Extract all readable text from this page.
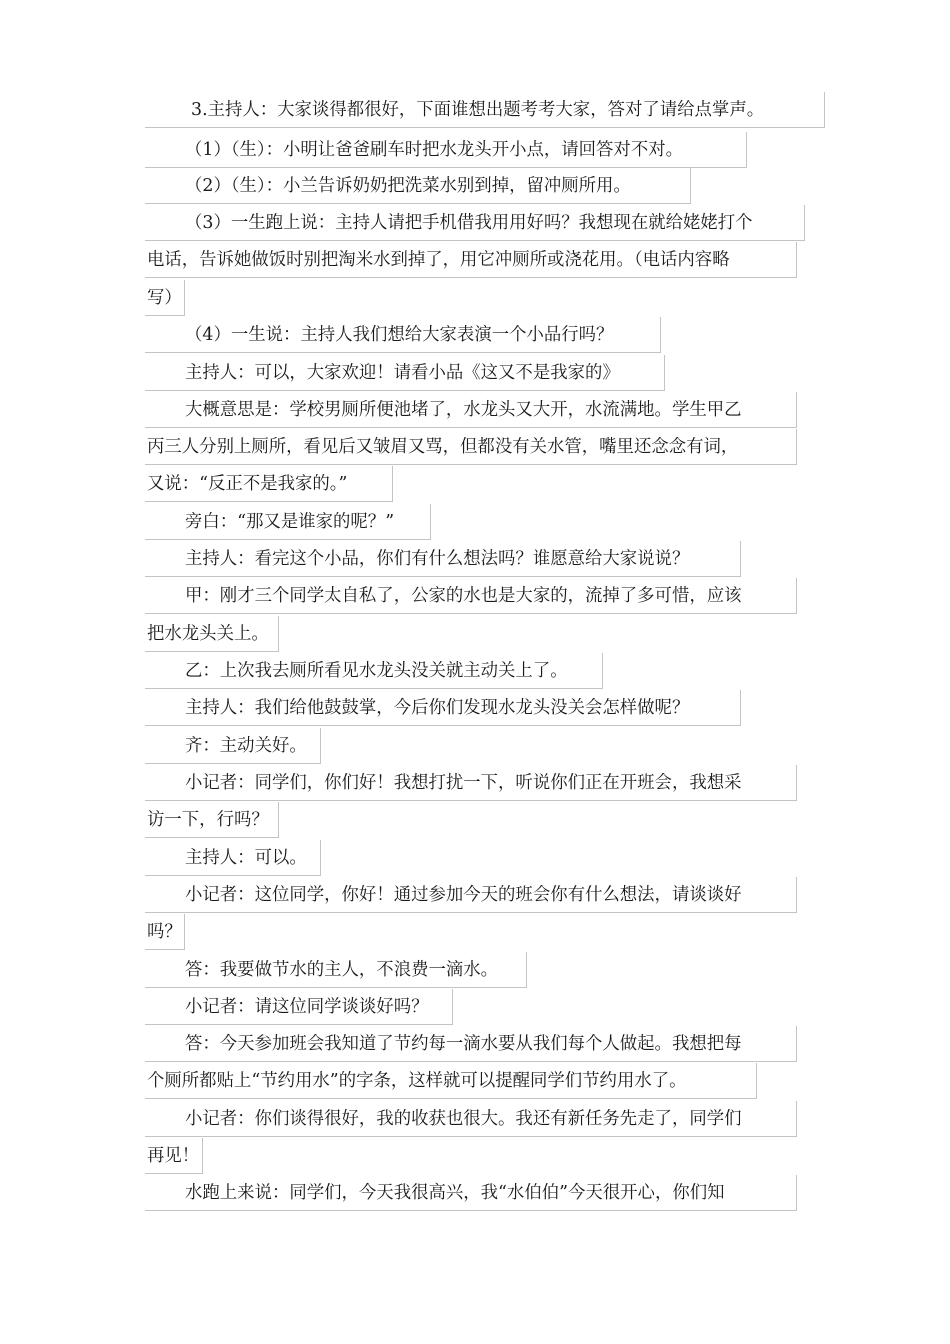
3.主持人：大家谈得都很好，下面谁想出题考考大家，答对了请给点掌声。
（1）（生）：小明让爸爸刷车时把水龙头开小点，请回答对不对。
（2）（生）：小兰告诉奶奶把洗菜水别到掉，留冲厕所用。
（3）一生跑上说：主持人请把手机借我用用好吗？我想现在就给姥姥打个
电话，告诉她做饭时别把淘米水到掉了，用它冲厕所或浇花用。（电话内容略
写）
（4）一生说：主持人我们想给大家表演一个小品行吗？
主持人：可以，大家欢迎！请看小品《这又不是我家的》
大概意思是：学校男厕所便池堵了，水龙头又大开，水流满地。学生甲乙
丙三人分别上厕所，看见后又皱眉又骂，但都没有关水管，嘴里还念念有词，
又说：“反正不是我家的。”
旁白：“那又是谁家的呢？”
主持人：看完这个小品，你们有什么想法吗？谁愿意给大家说说？
甲：刚才三个同学太自私了，公家的水也是大家的，流掉了多可惜，应该
把水龙头关上。
乙：上次我去厕所看见水龙头没关就主动关上了。
主持人：我们给他鼓鼓掌，今后你们发现水龙头没关会怎样做呢？
齐：主动关好。
小记者：同学们，你们好！我想打扰一下，听说你们正在开班会，我想采
访一下，行吗？
主持人：可以。
小记者：这位同学，你好！通过参加今天的班会你有什么想法，请谈谈好
吗？
答：我要做节水的主人，不浪费一滴水。
小记者：请这位同学谈谈好吗？
答：今天参加班会我知道了节约每一滴水要从我们每个人做起。我想把每
个厕所都贴上“节约用水”的字条，这样就可以提醒同学们节约用水了。
小记者：你们谈得很好，我的收获也很大。我还有新任务先走了，同学们
再见！
水跑上来说：同学们，今天我很高兴，我“水伯伯”今天很开心，你们知
